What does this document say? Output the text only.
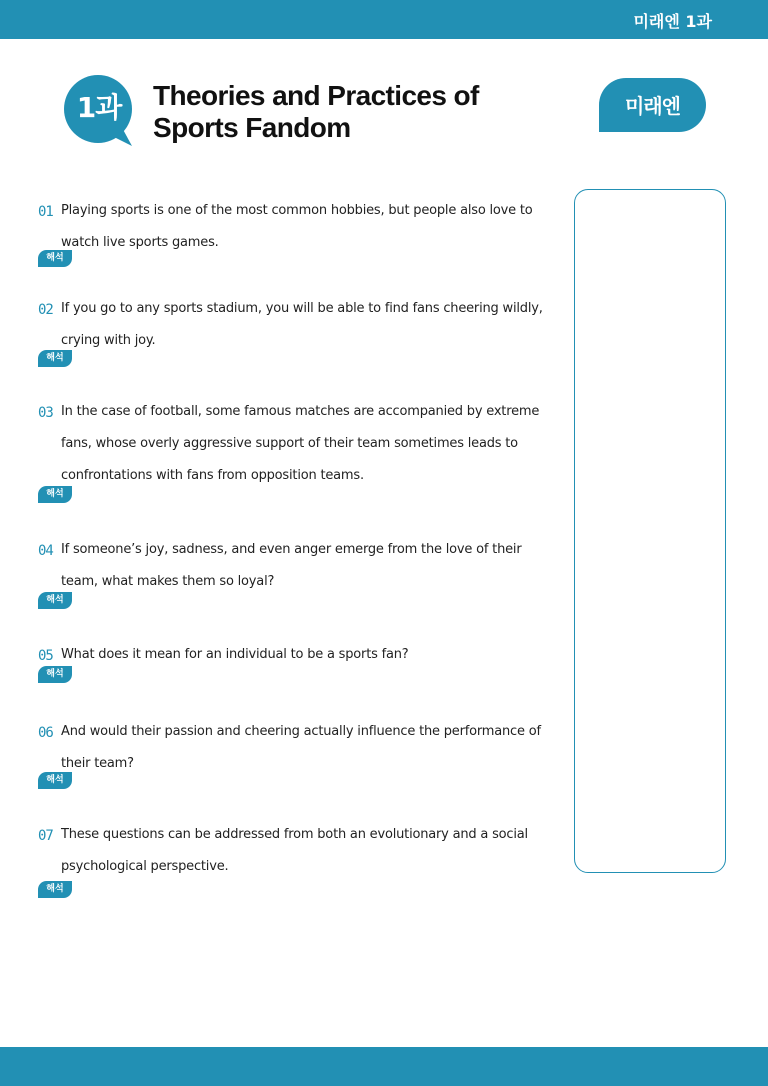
미래엔 1과
1과	Theories and Practices of
Sports Fandom
미래엔
01 Playing sports is one of the most common hobbies, but people also love to watch live sports games.

해석
02 If you go to any sports stadium, you will be able to find fans cheering wildly, crying with joy.

해석
03 In the case of football, some famous matches are accompanied by extreme fans, whose overly aggressive support of their team sometimes leads to confrontations with fans from opposition teams.

해석
04 If someone’s joy, sadness, and even anger emerge from the love of their team, what makes them so loyal?

해석
05 What does it mean for an individual to be a sports fan?

해석
06 And would their passion and cheering actually influence the performance of their team?

해석
07 These questions can be addressed from both an evolutionary and a social psychological perspective.

해석
